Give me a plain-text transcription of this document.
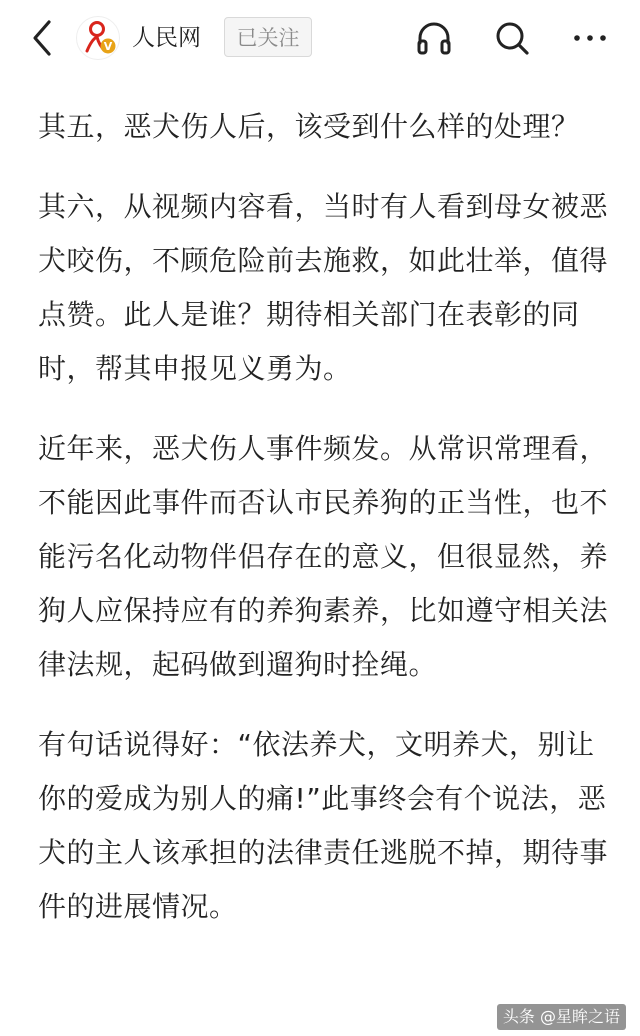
V 人民网	已关注

其五，恶犬伤人后，该受到什么样的处理？

其六，从视频内容看，当时有人看到母女被恶犬咬伤，不顾危险前去施救，如此壮举，值得点赞。此人是谁？期待相关部门在表彰的同时，帮其申报见义勇为。

近年来，恶犬伤人事件频发。从常识常理看，不能因此事件而否认市民养狗的正当性，也不能污名化动物伴侣存在的意义，但很显然，养狗人应保持应有的养狗素养，比如遵守相关法律法规，起码做到遛狗时拴绳。

有句话说得好：“依法养犬，文明养犬，别让你的爱成为别人的痛!”此事终会有个说法，恶犬的主人该承担的法律责任逃脱不掉，期待事件的进展情况。

头条 @星眸之语
